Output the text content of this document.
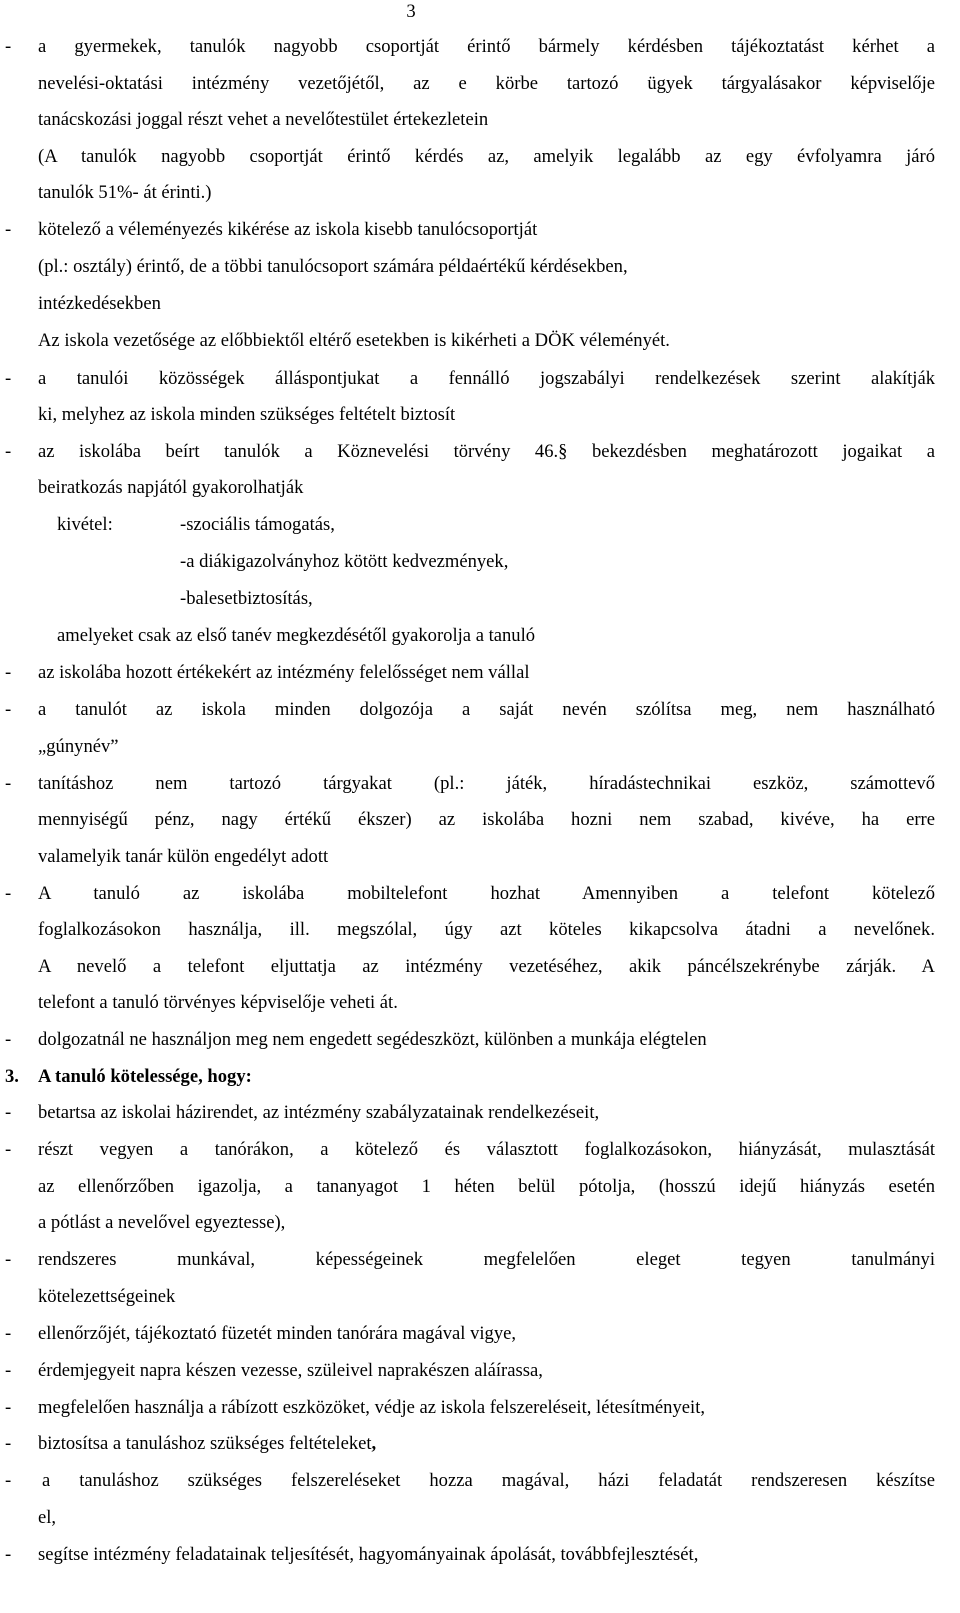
3
- a gyermekek, tanulók nagyobb csoportját érintő bármely kérdésben tájékoztatást kérhet a
nevelési-oktatási intézmény vezetőjétől, az e körbe tartozó ügyek tárgyalásakor képviselője
tanácskozási joggal részt vehet a nevelőtestület értekezletein
(A tanulók nagyobb csoportját érintő kérdés az, amelyik legalább az egy évfolyamra járó
tanulók 51%- át érinti.)
- kötelező a véleményezés kikérése az iskola kisebb tanulócsoportját
(pl.: osztály) érintő, de a többi tanulócsoport számára példaértékű kérdésekben,
intézkedésekben
Az iskola vezetősége az előbbiektől eltérő esetekben is kikérheti a DÖK véleményét.
- a tanulói közösségek álláspontjukat a fennálló jogszabályi rendelkezések szerint alakítják
ki, melyhez az iskola minden szükséges feltételt biztosít
- az iskolába beírt tanulók a Köznevelési törvény 46.§ bekezdésben meghatározott jogaikat a
beiratkozás napjától gyakorolhatják
kivétel:	-szociális támogatás,
-a diákigazolványhoz kötött kedvezmények,
-balesetbiztosítás,
amelyeket csak az első tanév megkezdésétől gyakorolja a tanuló
- az iskolába hozott értékekért az intézmény felelősséget nem vállal
- a tanulót az iskola minden dolgozója a saját nevén szólítsa meg, nem használható
„gúnynév”
- tanításhoz nem tartozó tárgyakat (pl.: játék, híradástechnikai eszköz, számottevő
mennyiségű pénz, nagy értékű ékszer) az iskolába hozni nem szabad, kivéve, ha erre
valamelyik tanár külön engedélyt adott
- A tanuló az iskolába mobiltelefont hozhat Amennyiben a telefont kötelező
foglalkozásokon használja, ill. megszólal, úgy azt köteles kikapcsolva átadni a nevelőnek.
A nevelő a telefont eljuttatja az intézmény vezetéséhez, akik páncélszekrénybe zárják. A
telefont a tanuló törvényes képviselője veheti át.
- dolgozatnál ne használjon meg nem engedett segédeszközt, különben a munkája elégtelen
3. A tanuló kötelessége, hogy:
- betartsa az iskolai házirendet, az intézmény szabályzatainak rendelkezéseit,
- részt vegyen a tanórákon, a kötelező és választott foglalkozásokon, hiányzását, mulasztását
az ellenőrzőben igazolja, a tananyagot 1 héten belül pótolja, (hosszú idejű hiányzás esetén
a pótlást a nevelővel egyeztesse),
- rendszeres munkával, képességeinek megfelelően eleget tegyen tanulmányi
kötelezettségeinek
- ellenőrzőjét, tájékoztató füzetét minden tanórára magával vigye,
- érdemjegyeit napra készen vezesse, szüleivel naprakészen aláírassa,
- megfelelően használja a rábízott eszközöket, védje az iskola felszereléseit, létesítményeit,
- biztosítsa a tanuláshoz szükséges feltételeket,
- a tanuláshoz szükséges felszereléseket hozza magával, házi feladatát rendszeresen készítse
el,
- segítse intézmény feladatainak teljesítését, hagyományainak ápolását, továbbfejlesztését,
